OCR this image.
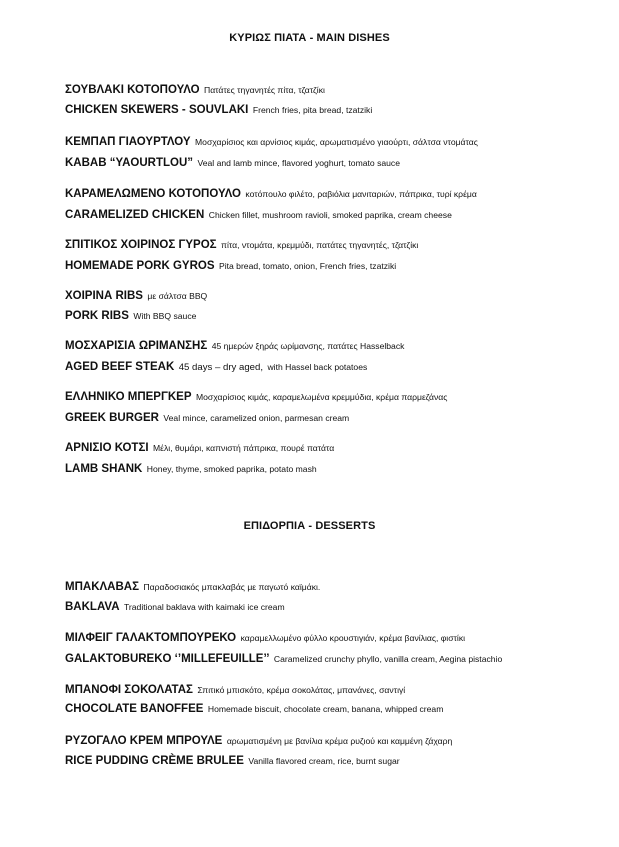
ΚΥΡΙΩΣ ΠΙΑΤΑ - MAIN DISHES
ΣΟΥΒΛΑΚΙ ΚΟΤΟΠΟΥΛΟ Πατάτες τηγανητές πίτα, τζατζίκι
CHICKEN SKEWERS - SOUVLAKI French fries, pita bread, tzatziki
ΚΕΜΠΑΠ ΓΙΑΟΥΡΤΛΟΥ Μοσχαρίσιος και αρνίσιος κιμάς, αρωματισμένο γιαούρτι, σάλτσα ντομάτας
KABAB “YAOURTLOU” Veal and lamb mince, flavored yoghurt, tomato sauce
ΚΑΡΑΜΕΛΩΜΕΝΟ ΚΟΤΟΠΟΥΛΟ κοτόπουλο φιλέτο, ραβιόλια μανιταριών, πάπρικα, τυρί κρέμα
CARAMELIZED CHICKEN Chicken fillet, mushroom ravioli, smoked paprika, cream cheese
ΣΠΙΤΙΚΟΣ ΧΟΙΡΙΝΟΣ ΓΥΡΟΣ πίτα, ντομάτα, κρεμμύδι, πατάτες τηγανητές, τζατζίκι
HOMEMADE PORK GYROS Pita bread, tomato, onion, French fries, tzatziki
ΧΟΙΡΙΝΑ RIBS με σάλτσα BBQ
PORK RIBS With BBQ sauce
ΜΟΣΧΑΡΙΣΙΑ ΩΡΙΜΑΝΣΗΣ 45 ημερών ξηράς ωρίμανσης, πατάτες Hasselback
AGED BEEF STEAK 45 days – dry aged, with Hassel back potatoes
ΕΛΛΗΝΙΚΟ ΜΠΕΡΓΚΕΡ Μοσχαρίσιος κιμάς, καραμελωμένα κρεμμύδια, κρέμα παρμεζάνας
GREEK BURGER Veal mince, caramelized onion, parmesan cream
ΑΡΝΙΣΙΟ ΚΟΤΣΙ Μέλι, θυμάρι, καπνιστή πάπρικα, πουρέ πατάτα
LAMB SHANK Honey, thyme, smoked paprika, potato mash
ΕΠΙΔΟΡΠΙΑ - DESSERTS
ΜΠΑΚΛΑΒΑΣ Παραδοσιακός μπακλαβάς με παγωτό καϊμάκι.
BAKLAVA Traditional baklava with kaimaki ice cream
ΜΙΛΦΕΙΓ ΓΑΛΑΚΤΟΜΠΟΥΡΕΚΟ καραμελλωμένο φύλλο κρουστιγιάν, κρέμα βανίλιας, φιστίκι
GALAKTOBUREKO ‘’MILLEFEUILLE’’ Caramelized crunchy phyllo, vanilla cream, Aegina pistachio
ΜΠΑΝΟΦΙ ΣΟΚΟΛΑΤΑΣ Σπιτικό μπισκότο, κρέμα σοκολάτας, μπανάνες, σαντιγί
CHOCOLATE BANOFFEE Homemade biscuit, chocolate cream, banana, whipped cream
ΡΥΖΟΓΑΛΟ ΚΡΕΜ ΜΠΡΟΥΛΕ αρωματισμένη με βανίλια κρέμα ρυζιού και καμμένη ζάχαρη
RICE PUDDING CRÈME BRULEE Vanilla flavored cream, rice, burnt sugar
